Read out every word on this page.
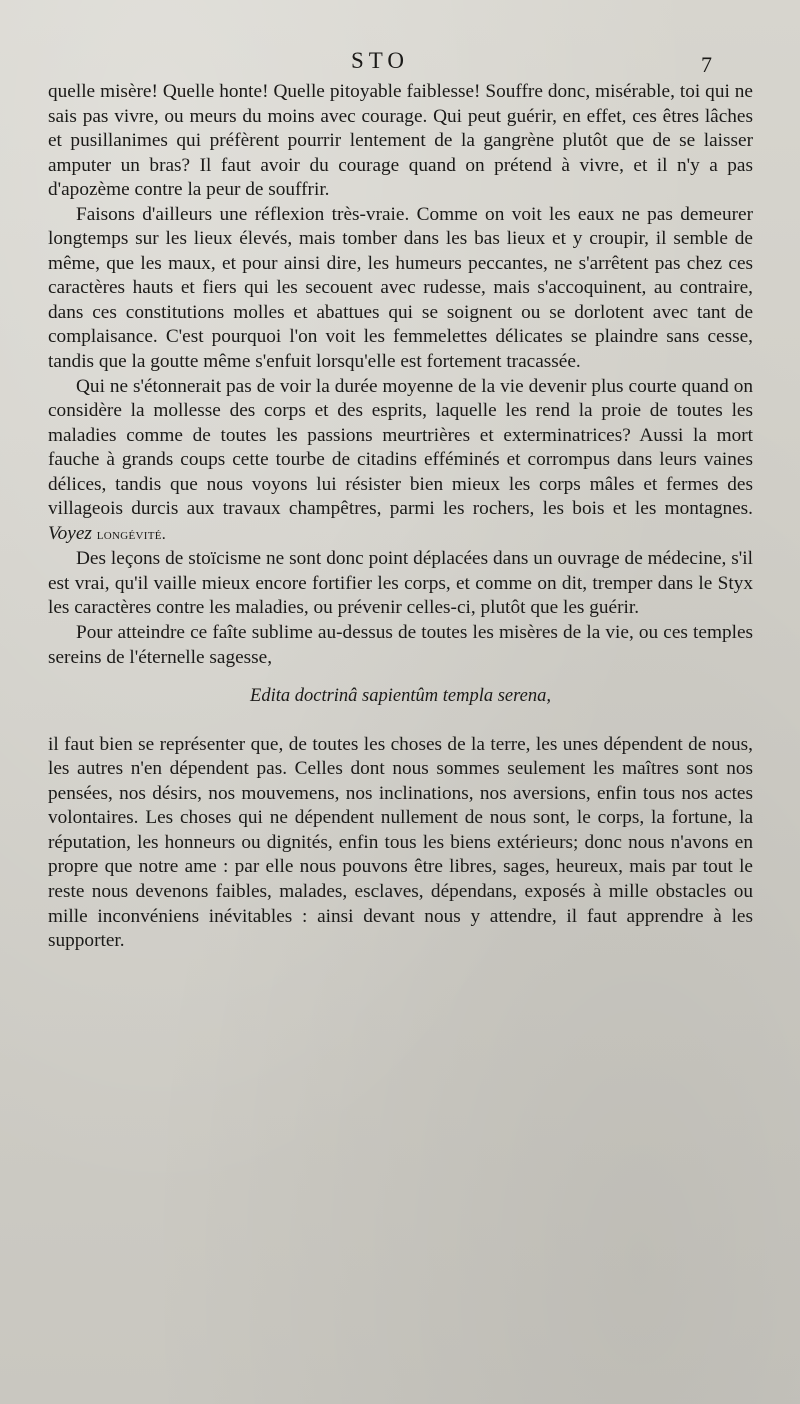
STO	7

quelle misère! Quelle honte! Quelle pitoyable faiblesse! Souffre donc, misérable, toi qui ne sais pas vivre, ou meurs du moins avec courage. Qui peut guérir, en effet, ces êtres lâches et pusillanimes qui préfèrent pourrir lentement de la gangrène plutôt que de se laisser amputer un bras? Il faut avoir du courage quand on prétend à vivre, et il n'y a pas d'apozème contre la peur de souffrir.

Faisons d'ailleurs une réflexion très-vraie. Comme on voit les eaux ne pas demeurer longtemps sur les lieux élevés, mais tomber dans les bas lieux et y croupir, il semble de même, que les maux, et pour ainsi dire, les humeurs peccantes, ne s'arrêtent pas chez ces caractères hauts et fiers qui les secouent avec rudesse, mais s'accoquinent, au contraire, dans ces constitutions molles et abattues qui se soignent ou se dorlotent avec tant de complaisance. C'est pourquoi l'on voit les femmelettes délicates se plaindre sans cesse, tandis que la goutte même s'enfuit lorsqu'elle est fortement tracassée.

Qui ne s'étonnerait pas de voir la durée moyenne de la vie devenir plus courte quand on considère la mollesse des corps et des esprits, laquelle les rend la proie de toutes les maladies comme de toutes les passions meurtrières et exterminatrices? Aussi la mort fauche à grands coups cette tourbe de citadins efféminés et corrompus dans leurs vaines délices, tandis que nous voyons lui résister bien mieux les corps mâles et fermes des villageois durcis aux travaux champêtres, parmi les rochers, les bois et les montagnes. Voyez longévité.

Des leçons de stoïcisme ne sont donc point déplacées dans un ouvrage de médecine, s'il est vrai, qu'il vaille mieux encore fortifier les corps, et comme on dit, tremper dans le Styx les caractères contre les maladies, ou prévenir celles-ci, plutôt que les guérir.

Pour atteindre ce faîte sublime au-dessus de toutes les misères de la vie, ou ces temples sereins de l'éternelle sagesse,

Edita doctrinâ sapientûm templa serena,

il faut bien se représenter que, de toutes les choses de la terre, les unes dépendent de nous, les autres n'en dépendent pas. Celles dont nous sommes seulement les maîtres sont nos pensées, nos désirs, nos mouvemens, nos inclinations, nos aversions, enfin tous nos actes volontaires. Les choses qui ne dépendent nullement de nous sont, le corps, la fortune, la réputation, les honneurs ou dignités, enfin tous les biens extérieurs; donc nous n'avons en propre que notre ame : par elle nous pouvons être libres, sages, heureux, mais par tout le reste nous devenons faibles, malades, esclaves, dépendans, exposés à mille obstacles ou mille inconvéniens inévitables : ainsi devant nous y attendre, il faut apprendre à les supporter.
